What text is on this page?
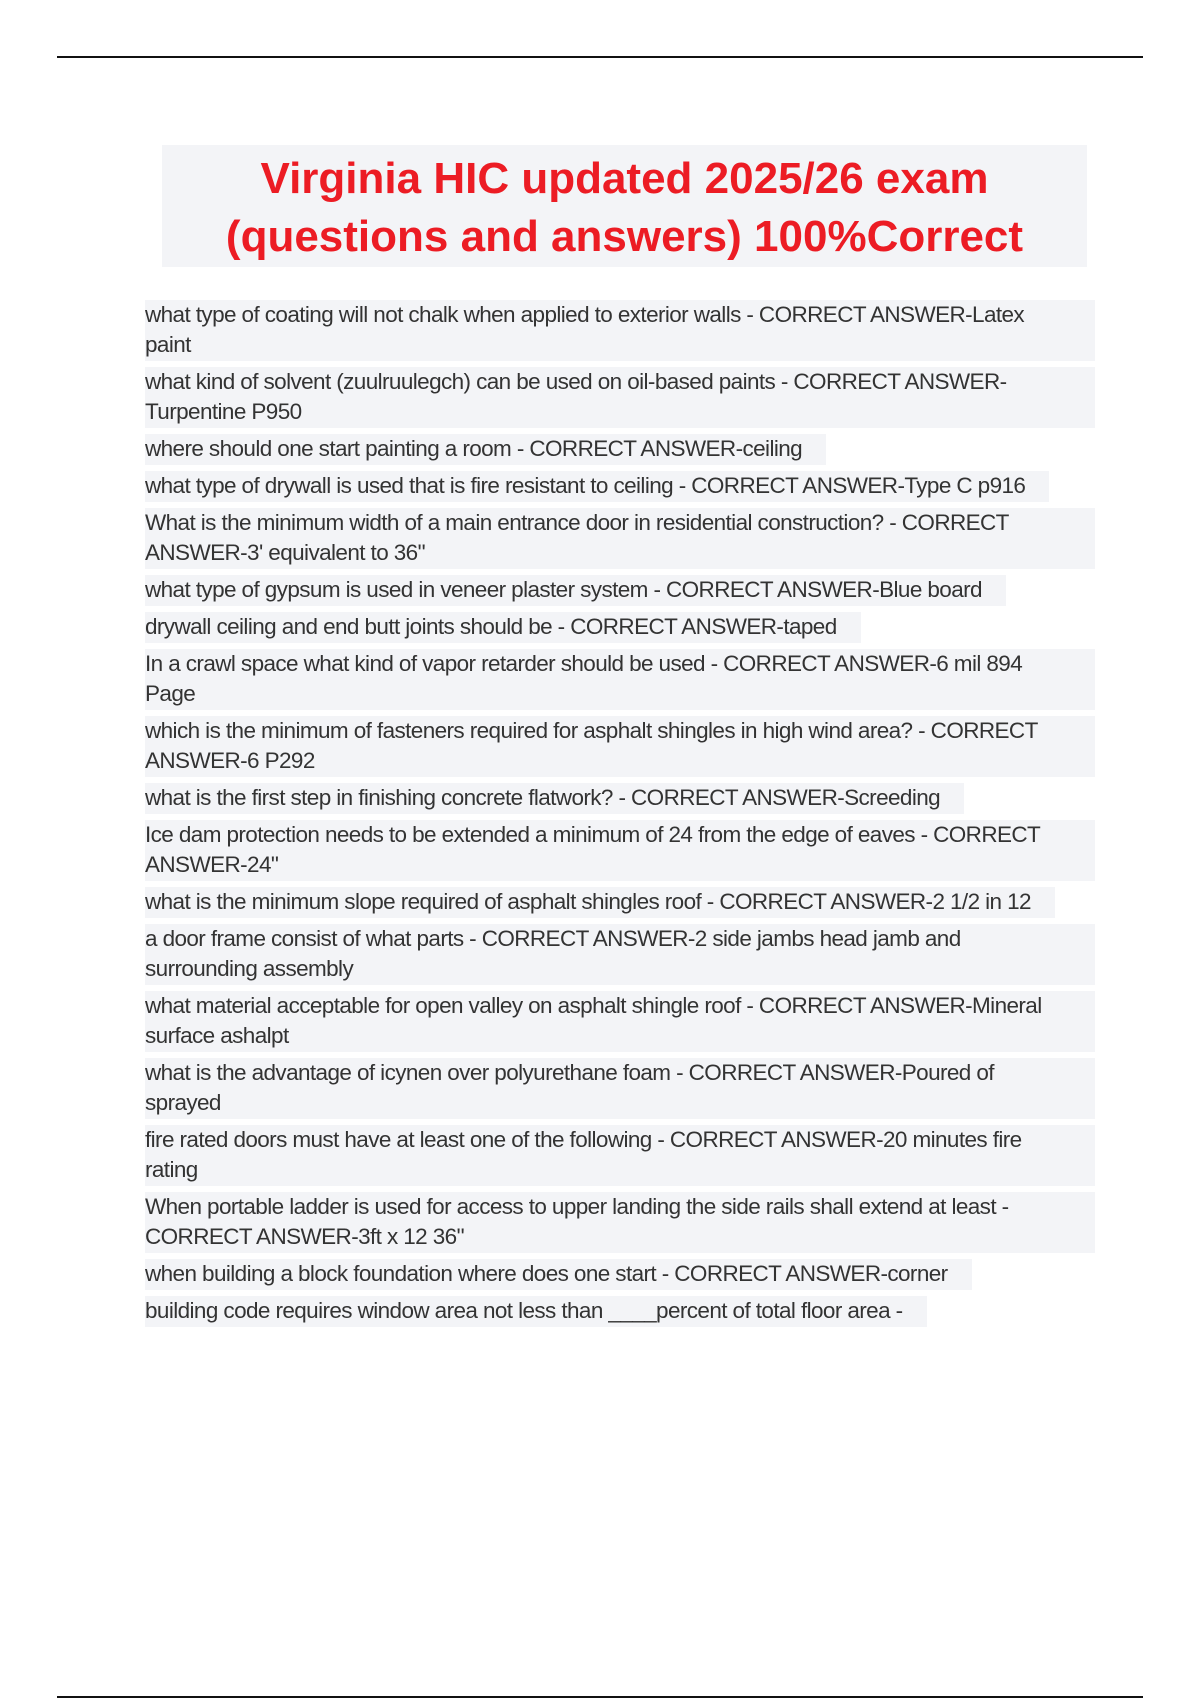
Virginia HIC updated 2025/26 exam
(questions and answers) 100%Correct
what type of coating will not chalk when applied to exterior walls - CORRECT ANSWER-Latex paint
what kind of solvent (zuulruulegch) can be used on oil-based paints - CORRECT ANSWER-Turpentine P950
where should one start painting a room - CORRECT ANSWER-ceiling
what type of drywall is used that is fire resistant to ceiling - CORRECT ANSWER-Type C p916
What is the minimum width of a main entrance door in residential construction? - CORRECT ANSWER-3' equivalent to 36"
what type of gypsum is used in veneer plaster system - CORRECT ANSWER-Blue board
drywall ceiling and end butt joints should be - CORRECT ANSWER-taped
In a crawl space what kind of vapor retarder should be used - CORRECT ANSWER-6 mil 894 Page
which is the minimum of fasteners required for asphalt shingles in high wind area? - CORRECT ANSWER-6 P292
what is the first step in finishing concrete flatwork? - CORRECT ANSWER-Screeding
Ice dam protection needs to be extended a minimum of 24 from the edge of eaves - CORRECT ANSWER-24"
what is the minimum slope required of asphalt shingles roof - CORRECT ANSWER-2 1/2 in 12
a door frame consist of what parts - CORRECT ANSWER-2 side jambs head jamb and surrounding assembly
what material acceptable for open valley on asphalt shingle roof - CORRECT ANSWER-Mineral surface ashalpt
what is the advantage of icynen over polyurethane foam - CORRECT ANSWER-Poured of sprayed
fire rated doors must have at least one of the following - CORRECT ANSWER-20 minutes fire rating
When portable ladder is used for access to upper landing the side rails shall extend at least - CORRECT ANSWER-3ft x 12 36"
when building a block foundation where does one start - CORRECT ANSWER-corner
building code requires window area not less than ____percent of total floor area -
